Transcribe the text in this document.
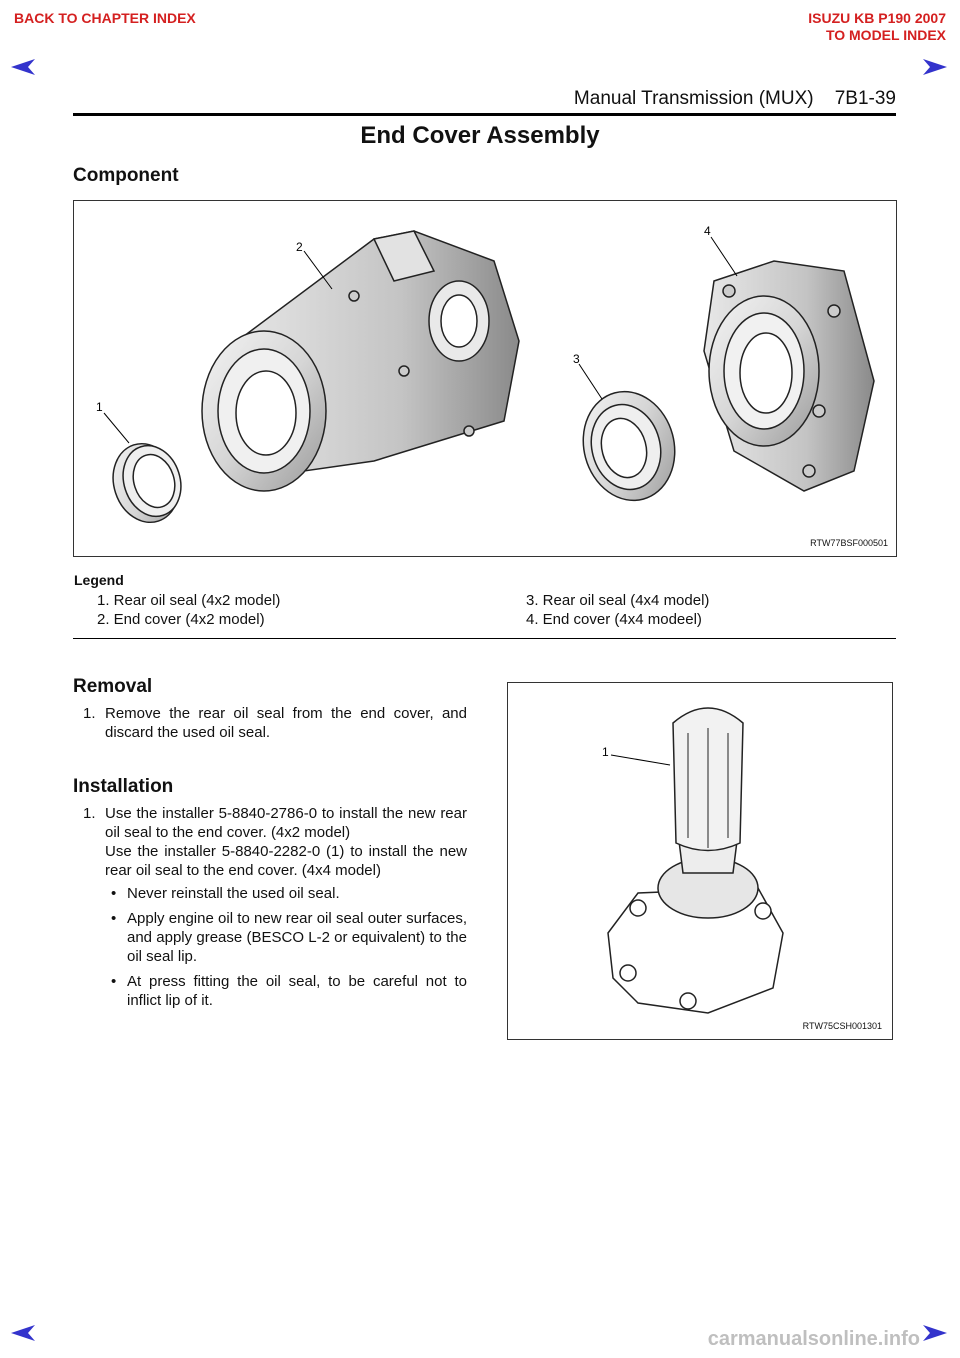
BACK TO CHAPTER INDEX	ISUZU KB P190 2007
TO MODEL INDEX
Manual Transmission (MUX) 7B1-39
End Cover Assembly
Component
1
2
3
4
RTW77BSF000501
Legend
1. Rear oil seal (4x2 model)
2. End cover (4x2 model)
3. Rear oil seal (4x4 model)
4. End cover (4x4 modeel)
Removal
1. Remove the rear oil seal from the end cover, and discard the used oil seal.
Installation
1. Use the installer 5-8840-2786-0 to install the new rear oil seal to the end cover. (4x2 model)
Use the installer 5-8840-2282-0 (1) to install the new rear oil seal to the end cover. (4x4 model)
• Never reinstall the used oil seal.
• Apply engine oil to new rear oil seal outer surfaces, and apply grease (BESCO L-2 or equivalent) to the oil seal lip.
• At press fitting the oil seal, to be careful not to inflict lip of it.
1
RTW75CSH001301
carmanualsonline.info
